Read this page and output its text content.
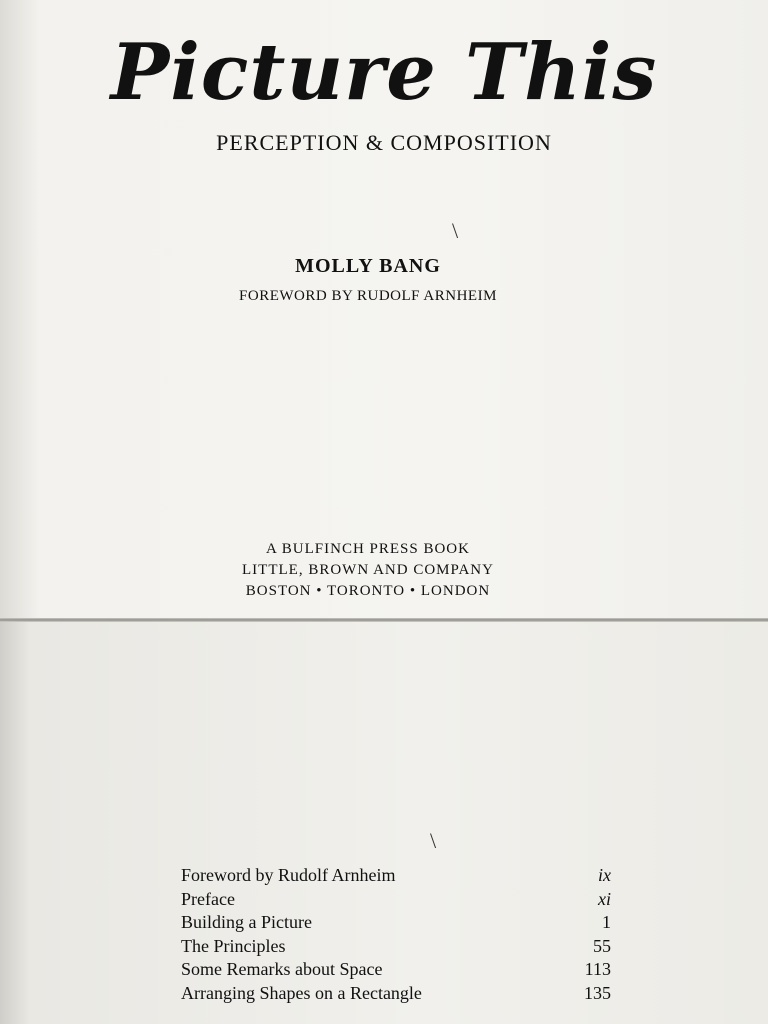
Picture This
PERCEPTION & COMPOSITION
\
MOLLY BANG
FOREWORD BY RUDOLF ARNHEIM
A BULFINCH PRESS BOOK
LITTLE, BROWN AND COMPANY
BOSTON • TORONTO • LONDON
\
Foreword by Rudolf Arnheim	ix
Preface	xi
Building a Picture	1
The Principles	55
Some Remarks about Space	113
Arranging Shapes on a Rectangle	135
